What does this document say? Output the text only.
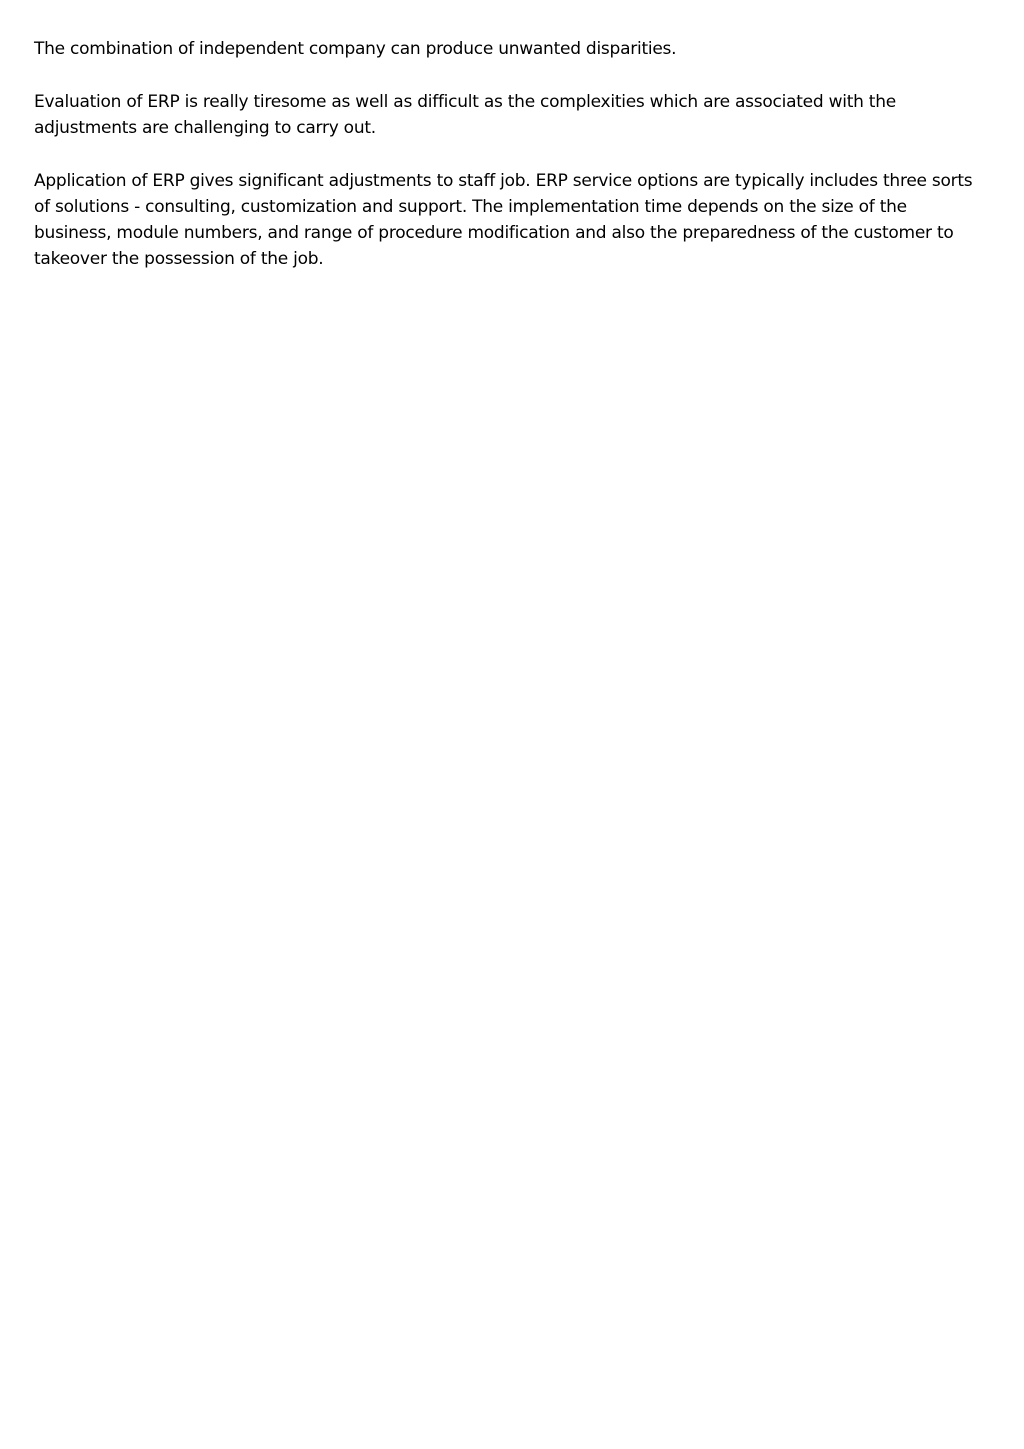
The combination of independent company can produce unwanted disparities.

Evaluation of ERP is really tiresome as well as difficult as the complexities which are associated with the adjustments are challenging to carry out.

Application of ERP gives significant adjustments to staff job. ERP service options are typically includes three sorts of solutions - consulting, customization and support. The implementation time depends on the size of the business, module numbers, and range of procedure modification and also the preparedness of the customer to takeover the possession of the job.
